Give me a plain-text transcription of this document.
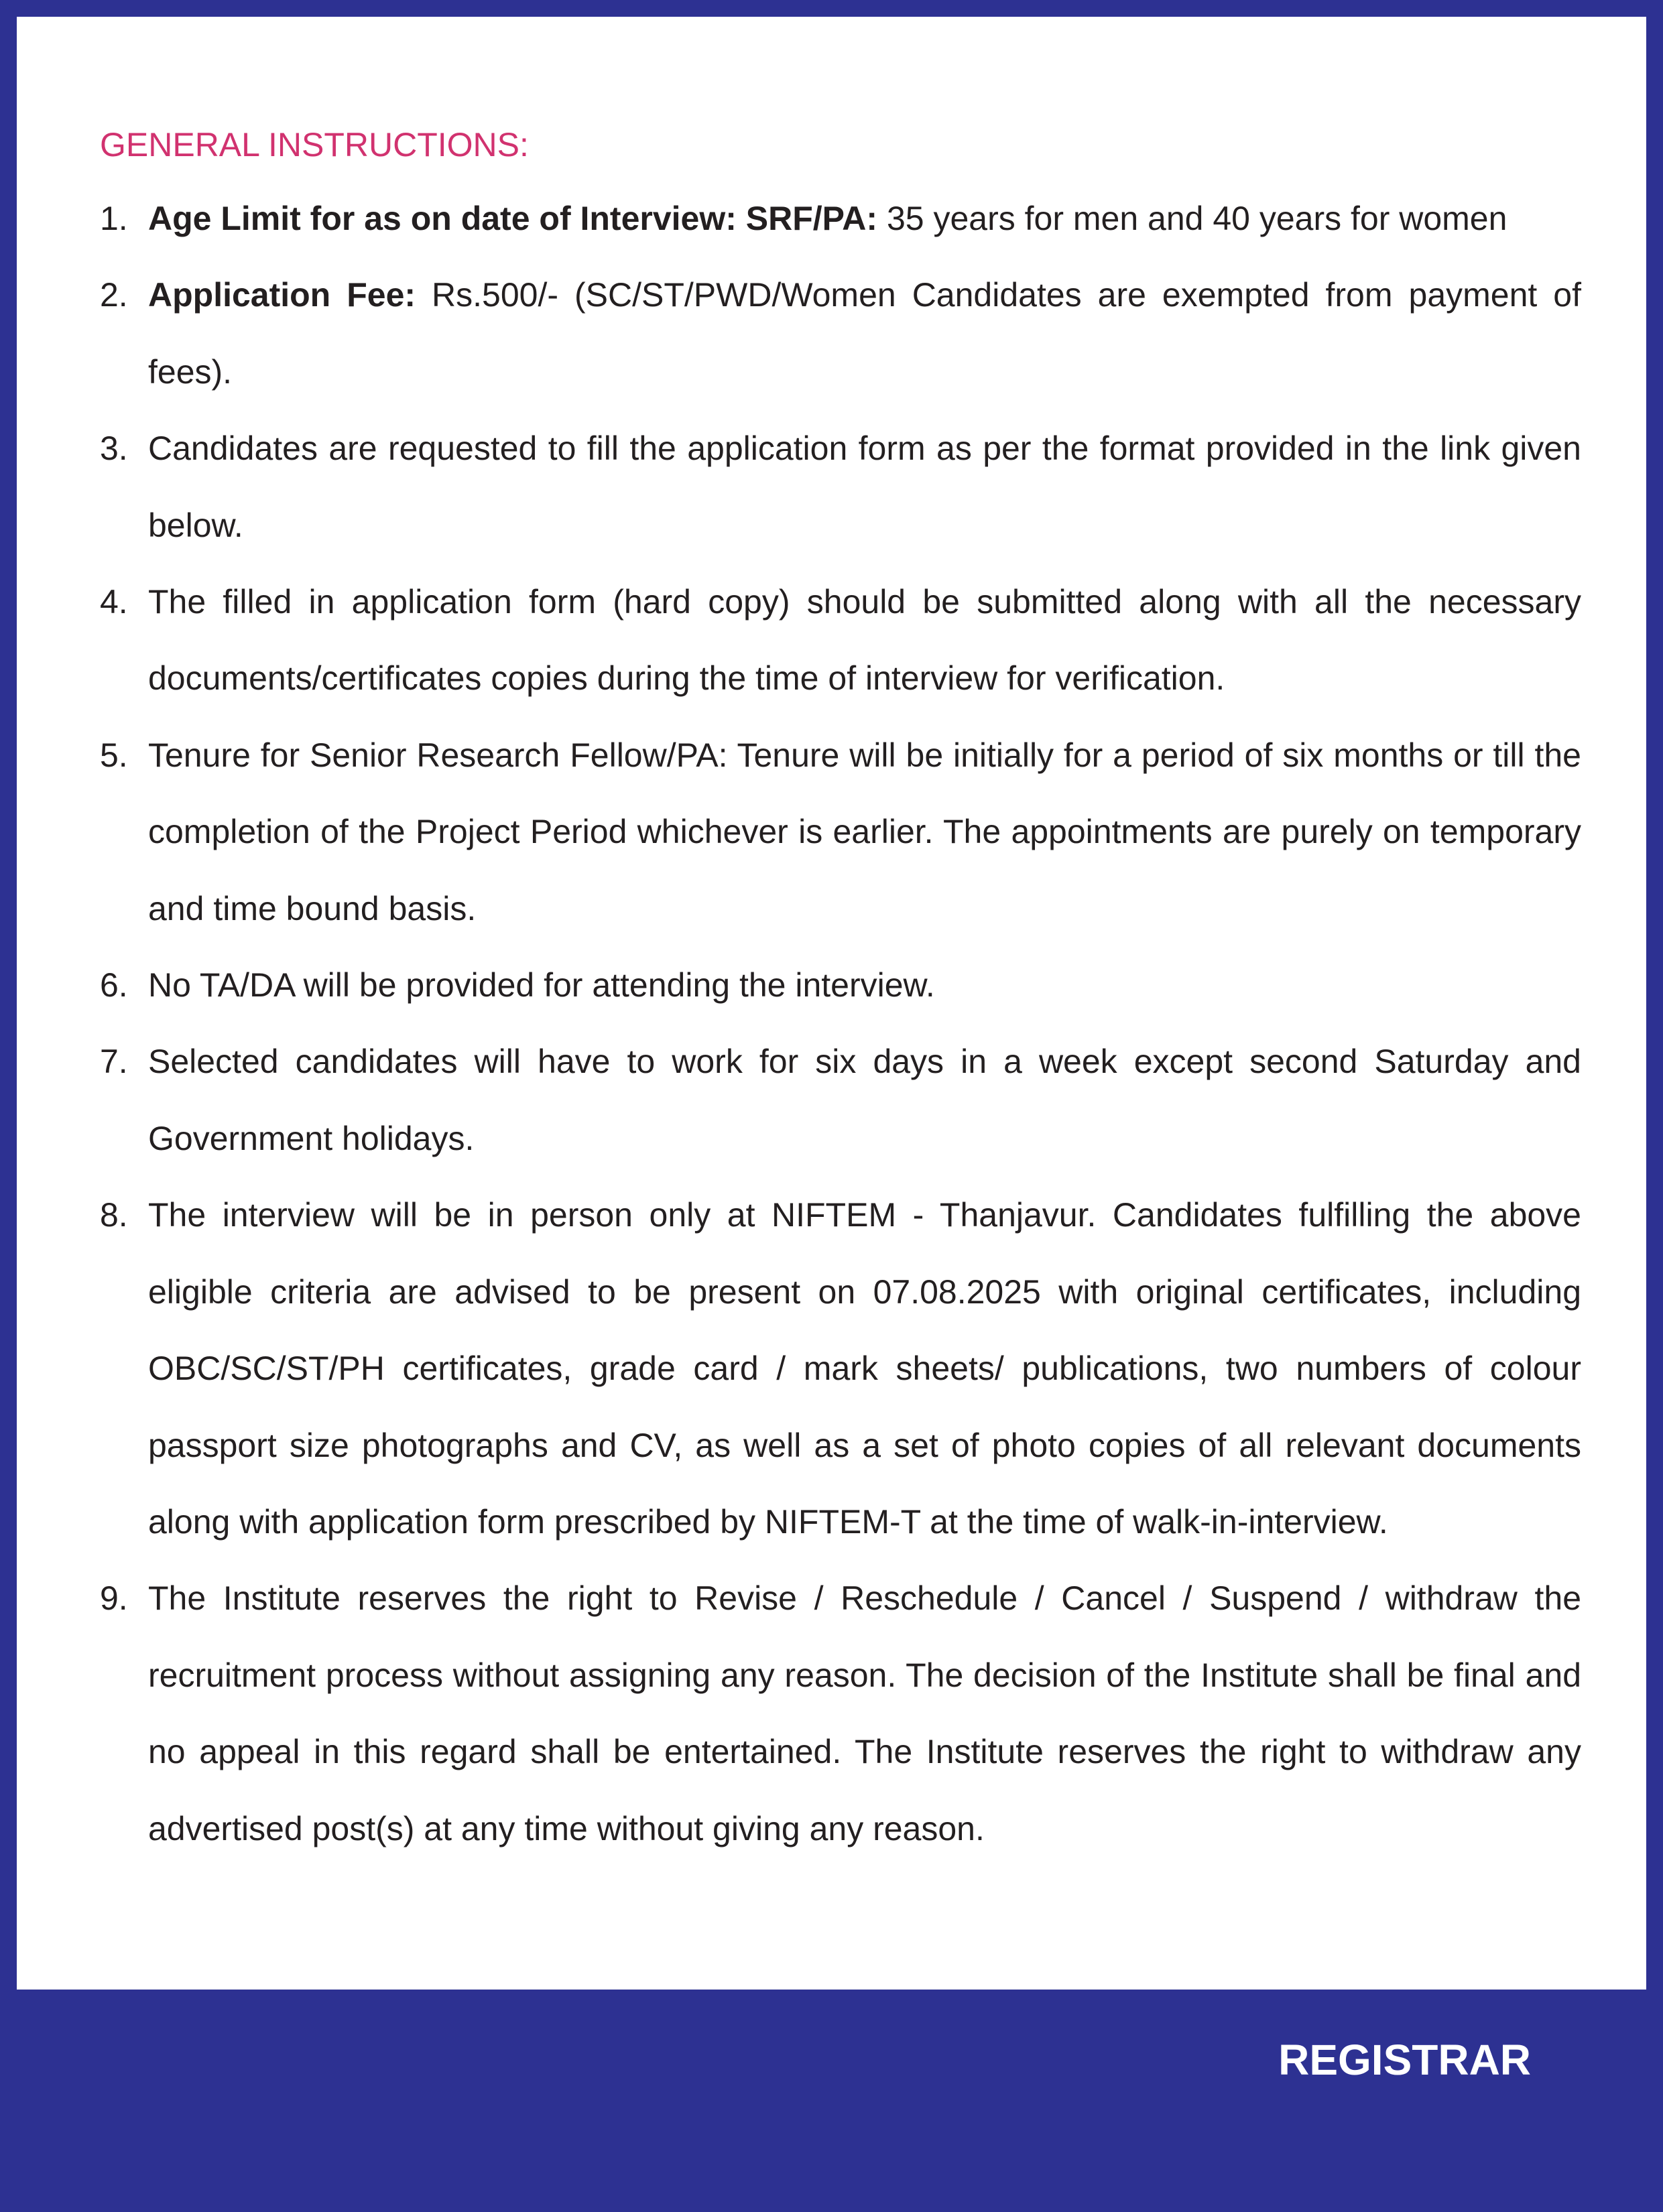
GENERAL INSTRUCTIONS:
1. Age Limit for as on date of Interview: SRF/PA: 35 years for men and 40 years for women
2. Application Fee: Rs.500/- (SC/ST/PWD/Women Candidates are exempted from payment of fees).
3. Candidates are requested to fill the application form as per the format provided in the link given below.
4. The filled in application form (hard copy) should be submitted along with all the necessary documents/certificates copies during the time of interview for verification.
5. Tenure for Senior Research Fellow/PA: Tenure will be initially for a period of six months or till the completion of the Project Period whichever is earlier. The appointments are purely on temporary and time bound basis.
6. No TA/DA will be provided for attending the interview.
7. Selected candidates will have to work for six days in a week except second Saturday and Government holidays.
8. The interview will be in person only at NIFTEM - Thanjavur. Candidates fulfilling the above eligible criteria are advised to be present on 07.08.2025 with original certificates, including OBC/SC/ST/PH certificates, grade card / mark sheets/ publications, two numbers of colour passport size photographs and CV, as well as a set of photo copies of all relevant documents along with application form prescribed by NIFTEM-T at the time of walk-in-interview.
9. The Institute reserves the right to Revise / Reschedule / Cancel / Suspend / withdraw the recruitment process without assigning any reason. The decision of the Institute shall be final and no appeal in this regard shall be entertained. The Institute reserves the right to withdraw any advertised post(s) at any time without giving any reason.

REGISTRAR
